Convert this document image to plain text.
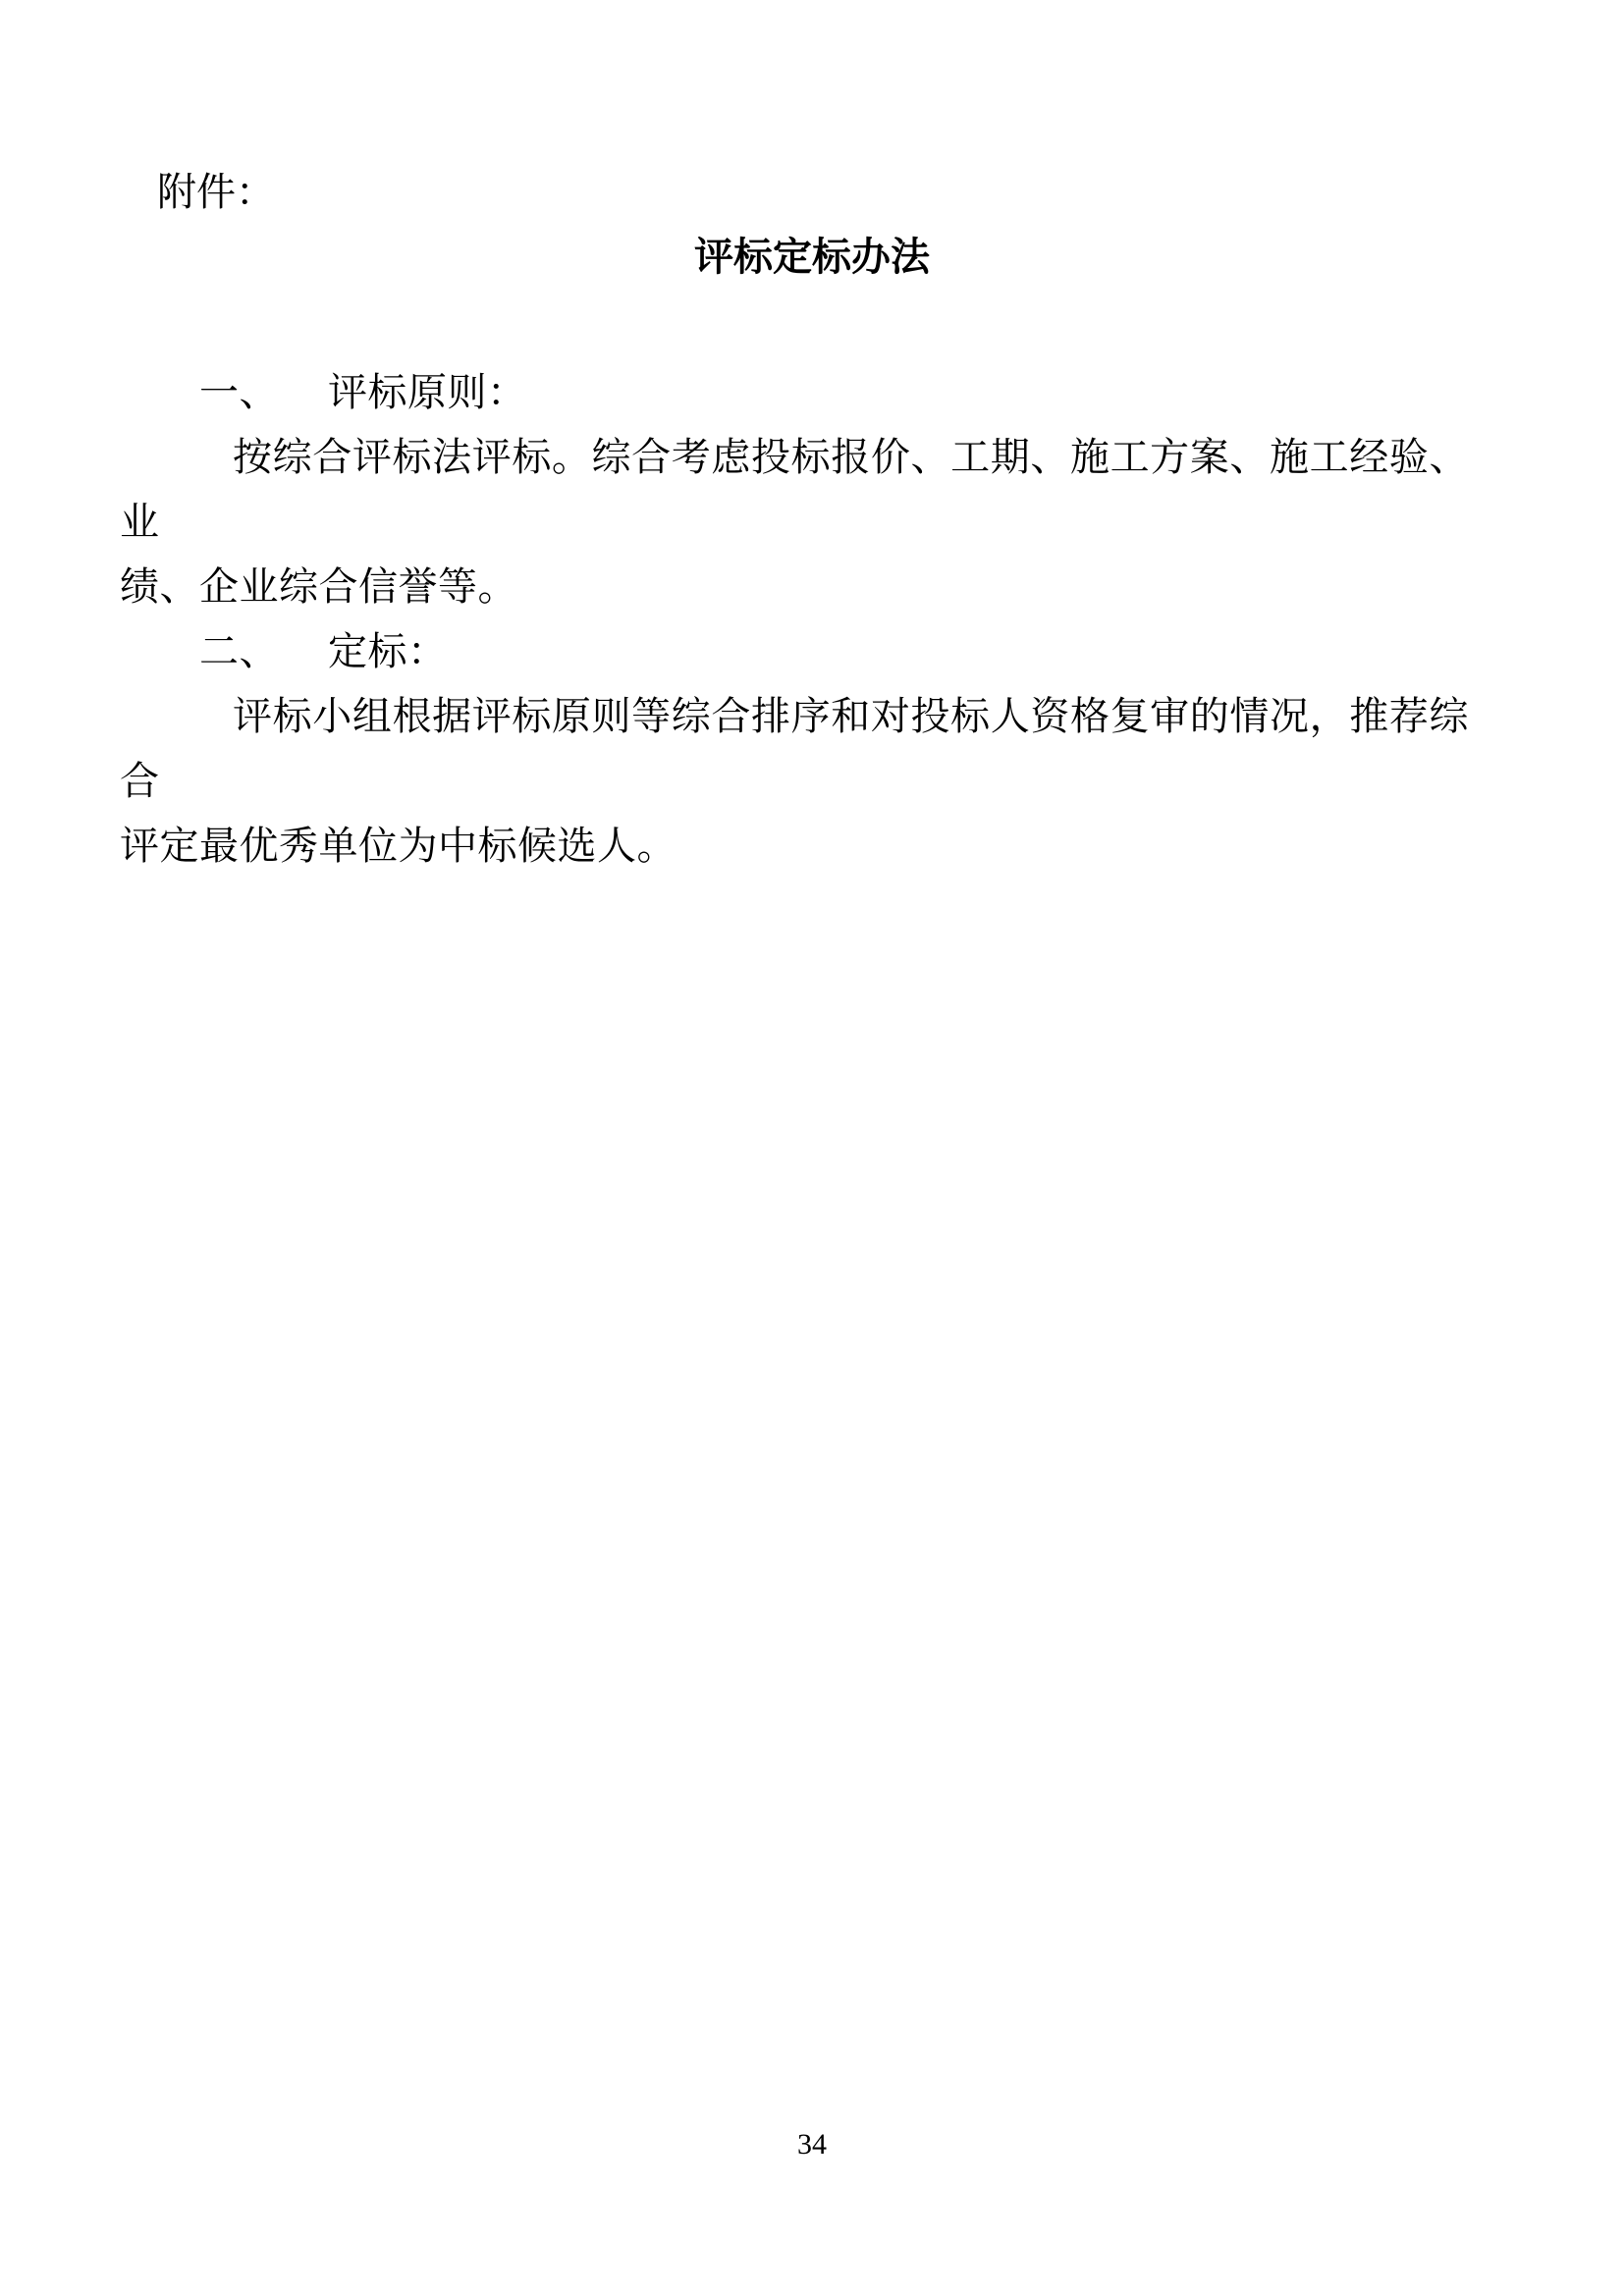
附件：
评标定标办法
一、 评标原则：
按综合评标法评标。综合考虑投标报价、工期、施工方案、施工经验、业
绩、企业综合信誉等。
二、 定标：
评标小组根据评标原则等综合排序和对投标人资格复审的情况，推荐综合
评定最优秀单位为中标候选人。
34
